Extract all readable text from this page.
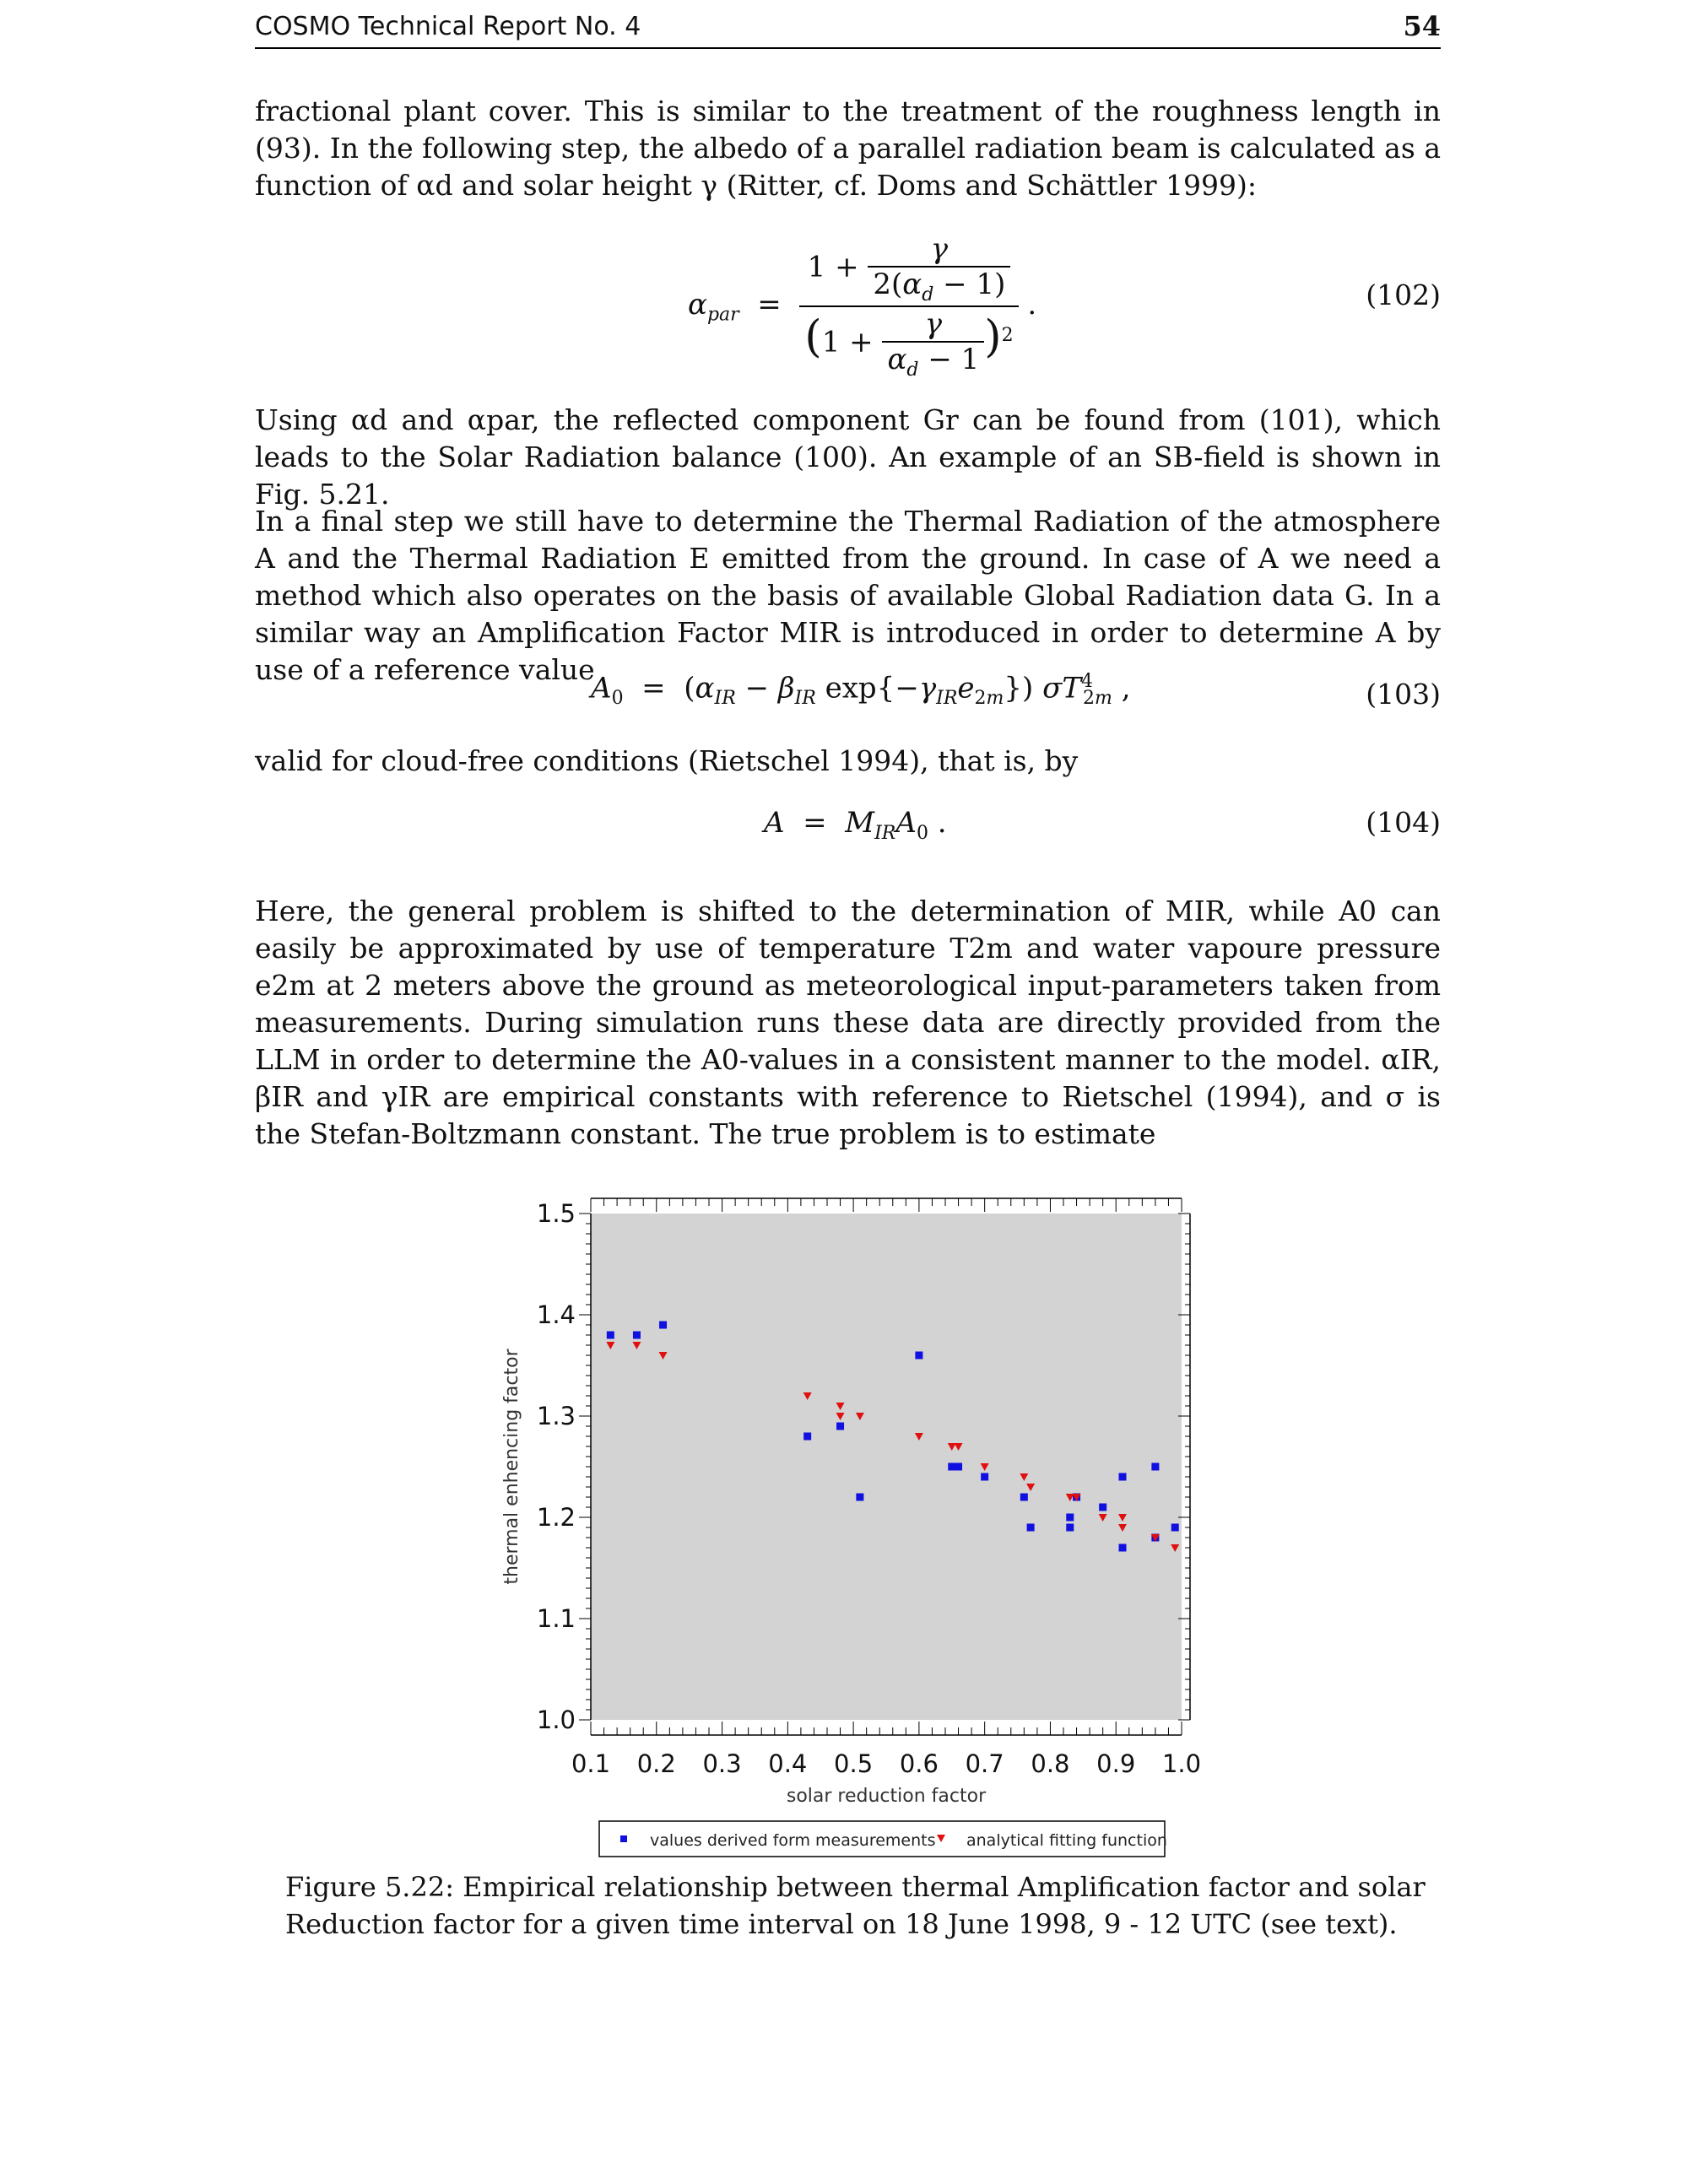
COSMO Technical Report No. 4	54

fractional plant cover. This is similar to the treatment of the roughness length in (93). In the following step, the albedo of a parallel radiation beam is calculated as a function of αd and solar height γ (Ritter, cf. Doms and Schättler 1999):

$\alpha_{par} = \frac{1 + \frac{\gamma}{2(\alpha_d - 1)}}{(1 + \frac{\gamma}{\alpha_d - 1} )^2}$ .	(102)

Using αd and αpar, the reflected component Gr can be found from (101), which leads to the Solar Radiation balance (100). An example of an SB-field is shown in Fig. 5.21.

In a final step we still have to determine the Thermal Radiation of the atmosphere A and the Thermal Radiation E emitted from the ground. In case of A we need a method which also operates on the basis of available Global Radiation data G. In a similar way an Amplification Factor MIR is introduced in order to determine A by use of a reference value

$A_0 = (\alpha_{IR} - \beta_{IR}$ $\exp\{-\gamma_{IR}e_{2m}\}$) $\sigma T^4_{2m}$ ,	(103)

valid for cloud-free conditions (Rietschel 1994), that is, by

$A = M_{IR}A_0$ .	(104)

Here, the general problem is shifted to the determination of MIR, while A0 can easily be approximated by use of temperature T2m and water vapoure pressure e2m at 2 meters above the ground as meteorological input-parameters taken from measurements. During simulation runs these data are directly provided from the LLM in order to determine the A0-values in a consistent manner to the model. αIR, βIR and γIR are empirical constants with reference to Rietschel (1994), and σ is the Stefan-Boltzmann constant. The true problem is to estimate

0.1 0.2 0.3 0.4 0.5 0.6 0.7 0.8 0.9 1.0
1.0
1.1
1.2
1.3
1.4
1.5
solar reduction factor
thermal enhencing factor
values derived form measurements analytical fitting function

Figure 5.22: Empirical relationship between thermal Amplification factor and solar Reduction factor for a given time interval on 18 June 1998, 9 - 12 UTC (see text).
